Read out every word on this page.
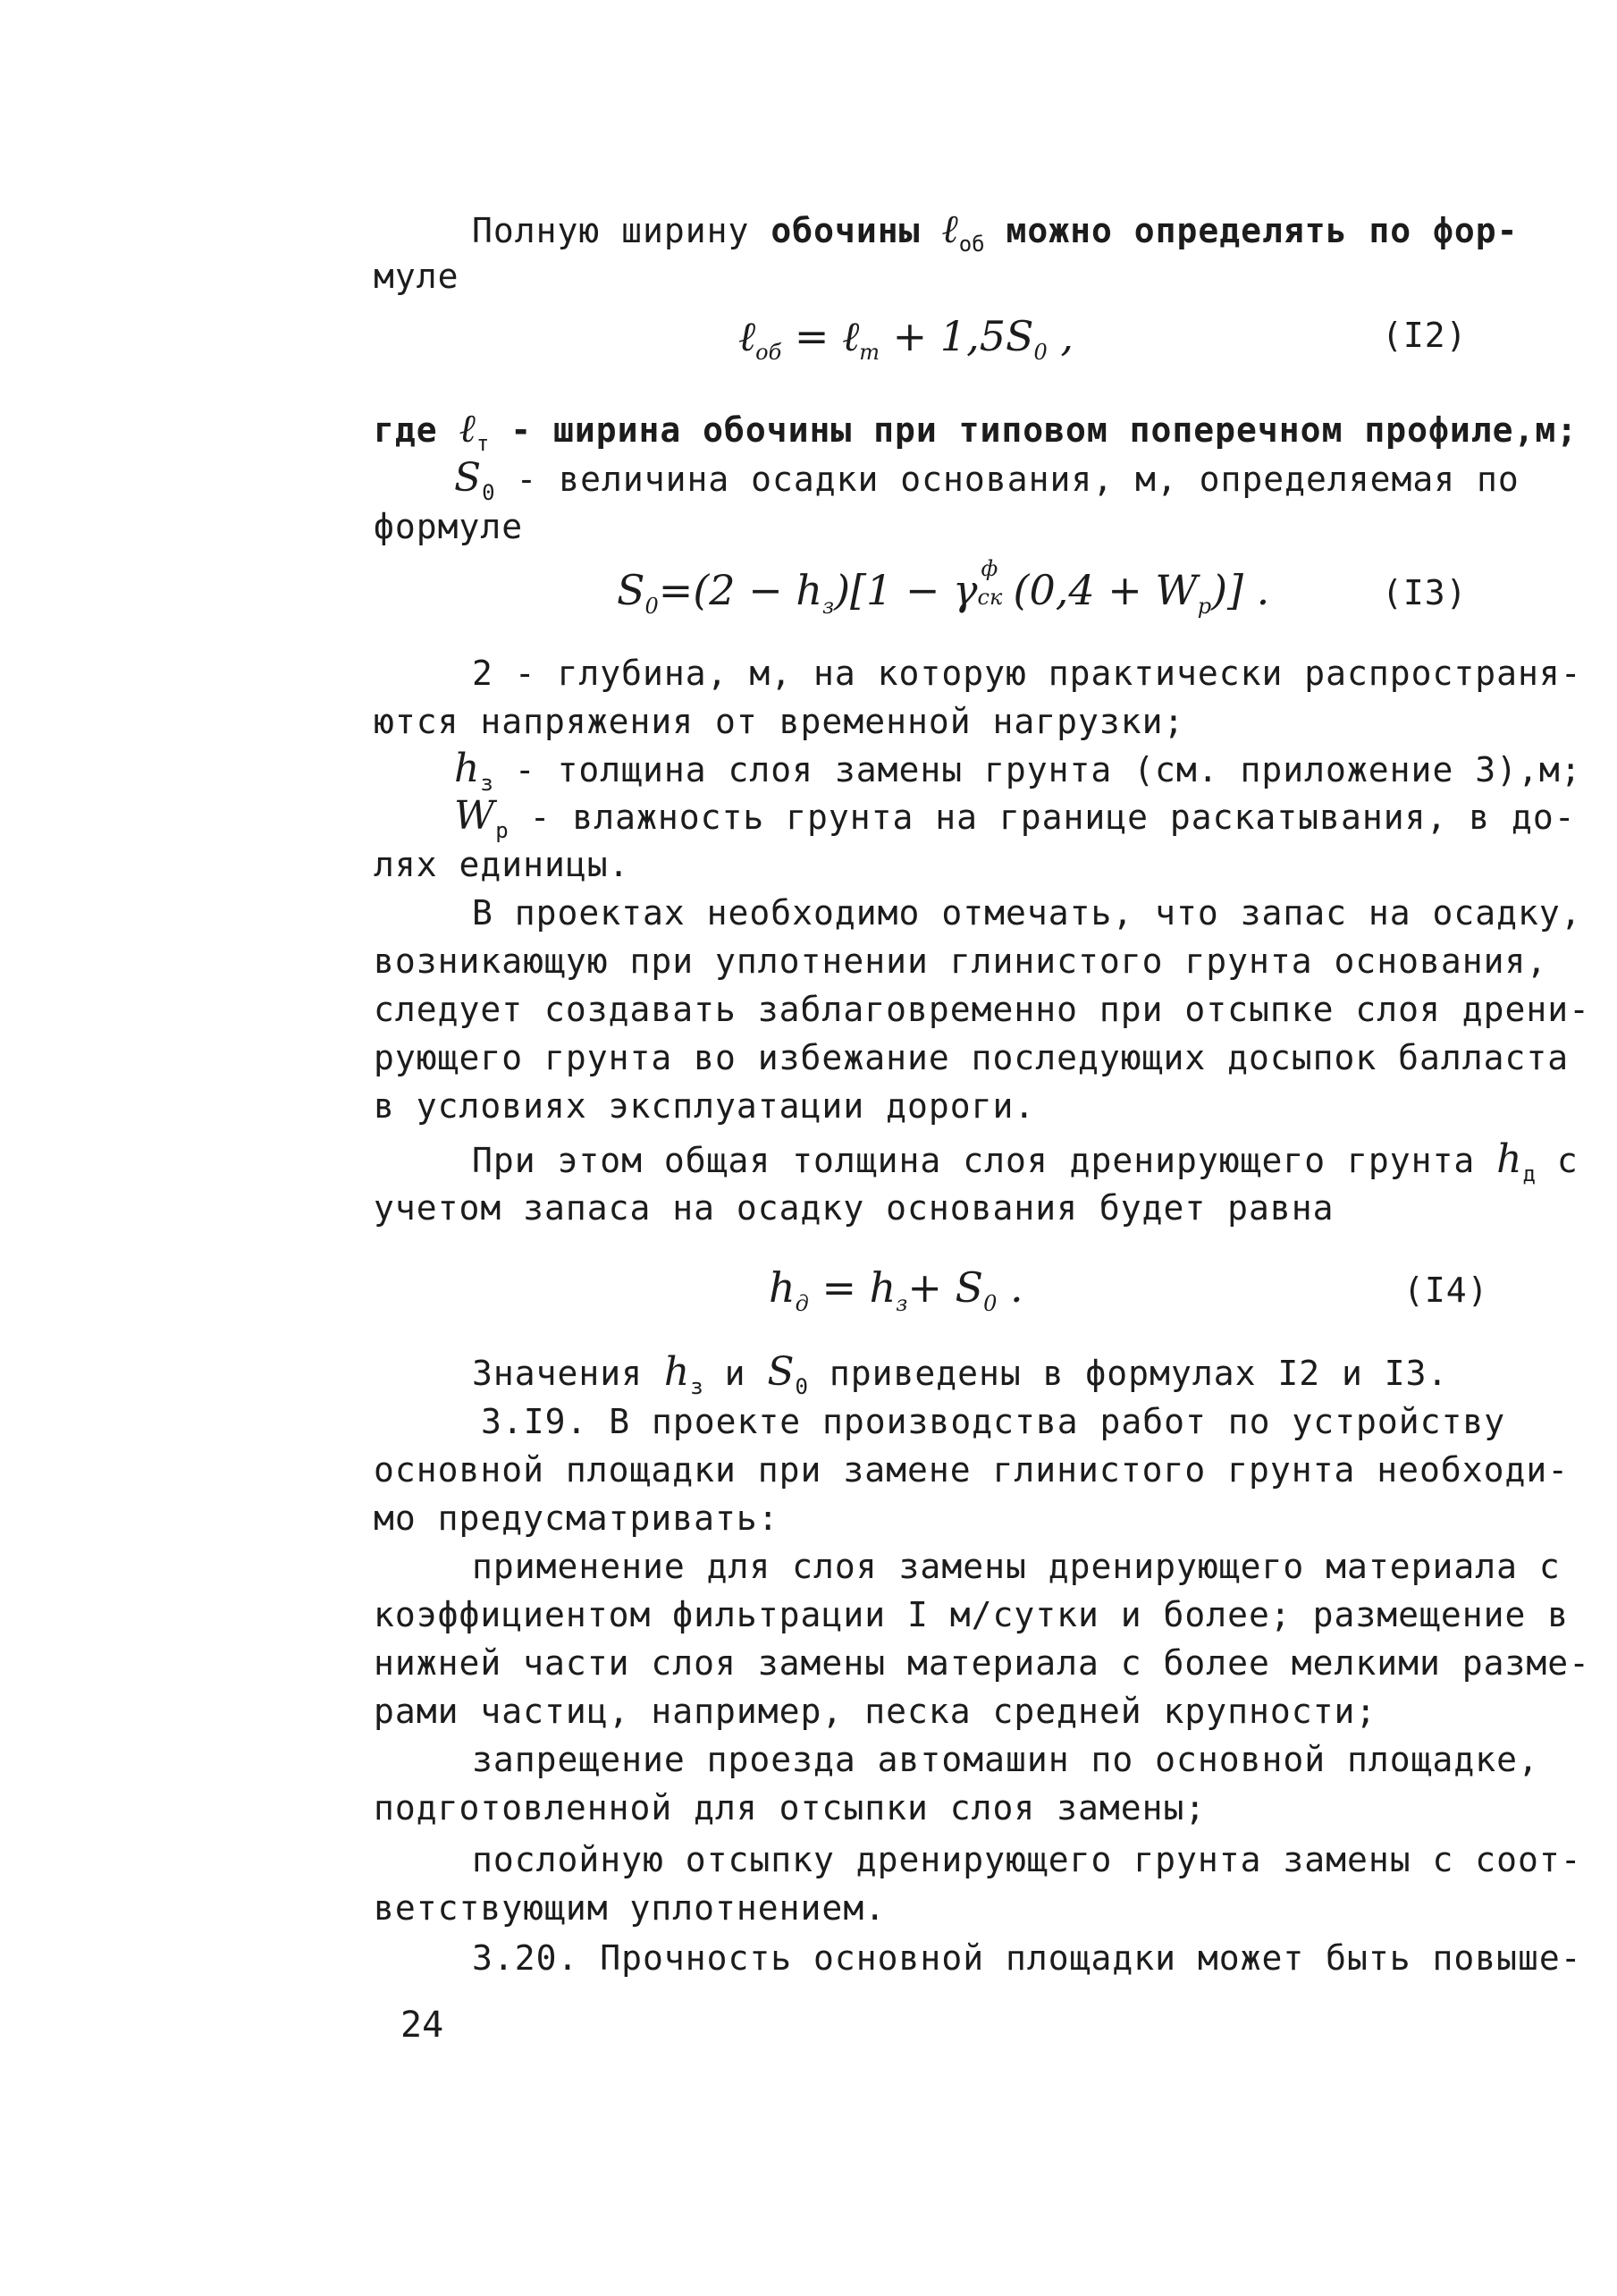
Полную ширину обочины ℓ$_{об}$ можно определять по фор-
муле
ℓ$_{об}$ = ℓ$_т$ + $1,5S_0$ ,	(I2)
где ℓ$_т$ - ширина обочины при типовом поперечном профиле,м;
$S_0$ - величина осадки основания, м, определяемая по
формуле
$S_0=(2 - h_з)[1 - \gamma$ ф
ск $(0,4 + W_р)$] .	(I3)
2 - глубина, м, на которую практически распространя-
ются напряжения от временной нагрузки;
$h_з$ - толщина слоя замены грунта (см. приложение 3),м;
$W_р$ - влажность грунта на границе раскатывания, в до-
лях единицы.
В проектах необходимо отмечать, что запас на осадку,
возникающую при уплотнении глинистого грунта основания,
следует создавать заблаговременно при отсыпке слоя дрени-
рующего грунта во избежание последующих досыпок балласта
в условиях эксплуатации дороги.
При этом общая толщина слоя дренирующего грунта $h_д$ с
учетом запаса на осадку основания будет равна
$h_д = h_з+ S_0$ .	(I4)
Значения $h_з$ и $S_0$ приведены в формулах I2 и I3.
3.I9. В проекте производства работ по устройству
основной площадки при замене глинистого грунта необходи-
мо предусматривать:
применение для слоя замены дренирующего материала с
коэффициентом фильтрации I м/сутки и более; размещение в
нижней части слоя замены материала с более мелкими разме-
рами частиц, например, песка средней крупности;
запрещение проезда автомашин по основной площадке,
подготовленной для отсыпки слоя замены;
послойную отсыпку дренирующего грунта замены с соот-
ветствующим уплотнением.
3.20. Прочность основной площадки может быть повыше-
24
